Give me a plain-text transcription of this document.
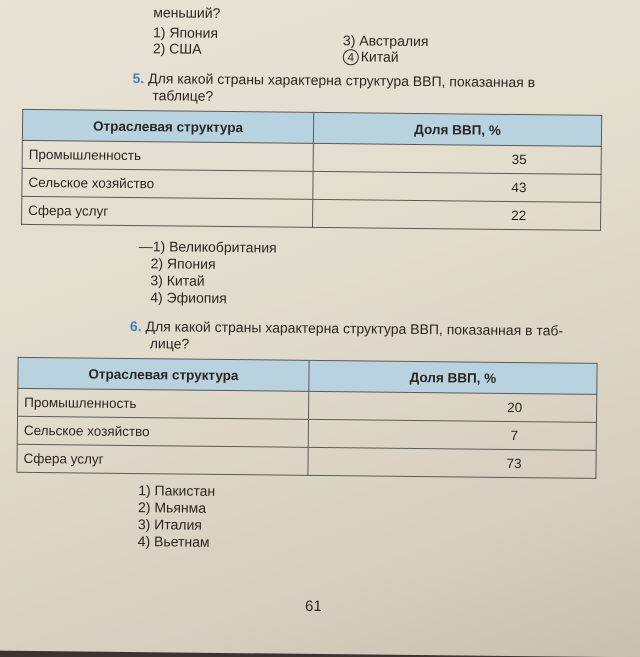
меньший?
1) Япония
2) США	3) Австралия
4 Китай
5. Для какой страны характерна структура ВВП, показанная в
таблице?
Отраслевая структура	Доля ВВП, %
Промышленность	35
Сельское хозяйство	43
Сфера услуг	22
—1) Великобритания
2) Япония
3) Китай
4) Эфиопия
6. Для какой страны характерна структура ВВП, показанная в таб-
лице?
Отраслевая структура	Доля ВВП, %
Промышленность	20
Сельское хозяйство	7
Сфера услуг	73
1) Пакистан
2) Мьянма
3) Италия
4) Вьетнам
61
